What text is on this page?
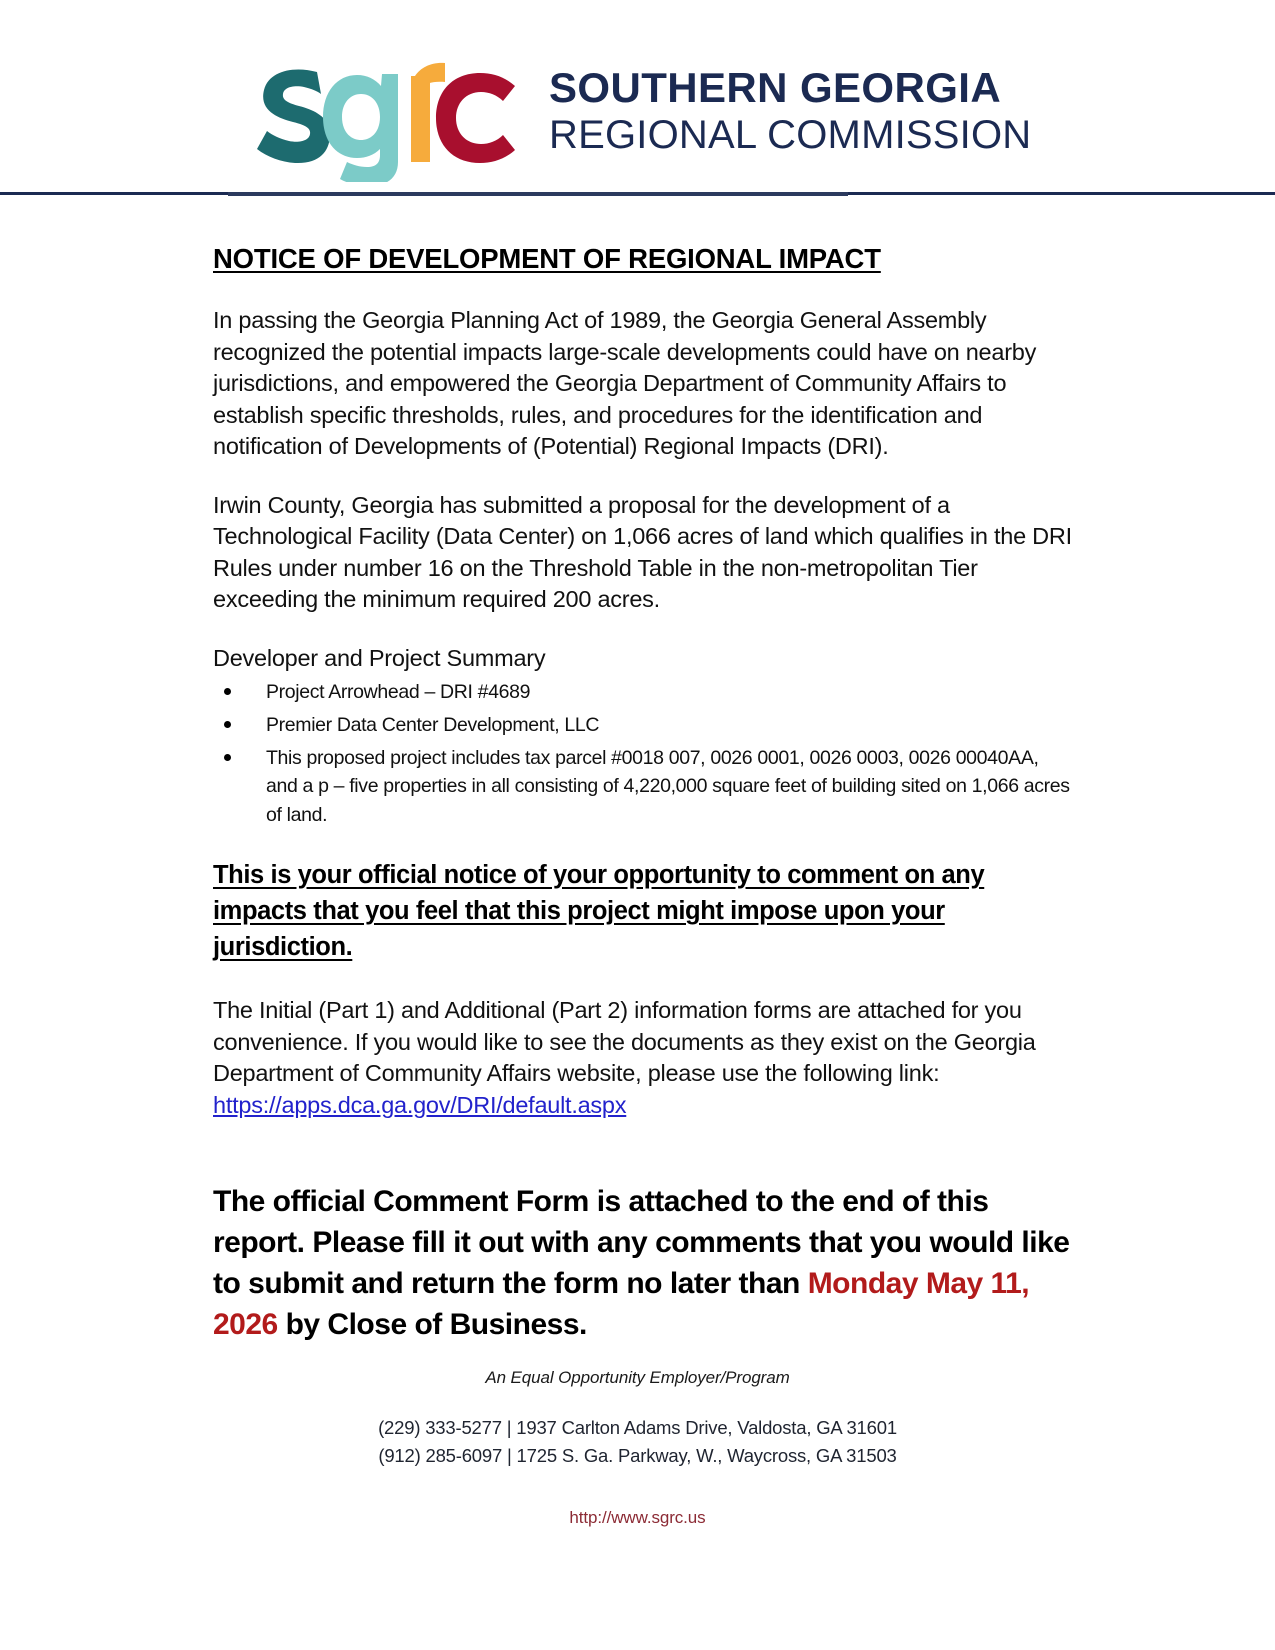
SOUTHERN GEORGIA
REGIONAL COMMISSION
NOTICE OF DEVELOPMENT OF REGIONAL IMPACT

In passing the Georgia Planning Act of 1989, the Georgia General Assembly recognized the potential impacts large-scale developments could have on nearby jurisdictions, and empowered the Georgia Department of Community Affairs to establish specific thresholds, rules, and procedures for the identification and notification of Developments of (Potential) Regional Impacts (DRI).

Irwin County, Georgia has submitted a proposal for the development of a Technological Facility (Data Center) on 1,066 acres of land which qualifies in the DRI Rules under number 16 on the Threshold Table in the non-metropolitan Tier exceeding the minimum required 200 acres.

Developer and Project Summary

Project Arrowhead – DRI #4689
Premier Data Center Development, LLC
This proposed project includes tax parcel #0018 007, 0026 0001, 0026 0003, 0026 00040AA, and a p – five properties in all consisting of 4,220,000 square feet of building sited on 1,066 acres of land.

This is your official notice of your opportunity to comment on any impacts that you feel that this project might impose upon your jurisdiction.

The Initial (Part 1) and Additional (Part 2) information forms are attached for you convenience. If you would like to see the documents as they exist on the Georgia Department of Community Affairs website, please use the following link: https://apps.dca.ga.gov/DRI/default.aspx

The official Comment Form is attached to the end of this report. Please fill it out with any comments that you would like to submit and return the form no later than Monday May 11, 2026 by Close of Business.

An Equal Opportunity Employer/Program

(229) 333-5277 | 1937 Carlton Adams Drive, Valdosta, GA 31601

(912) 285-6097 | 1725 S. Ga. Parkway, W., Waycross, GA 31503

http://www.sgrc.us
